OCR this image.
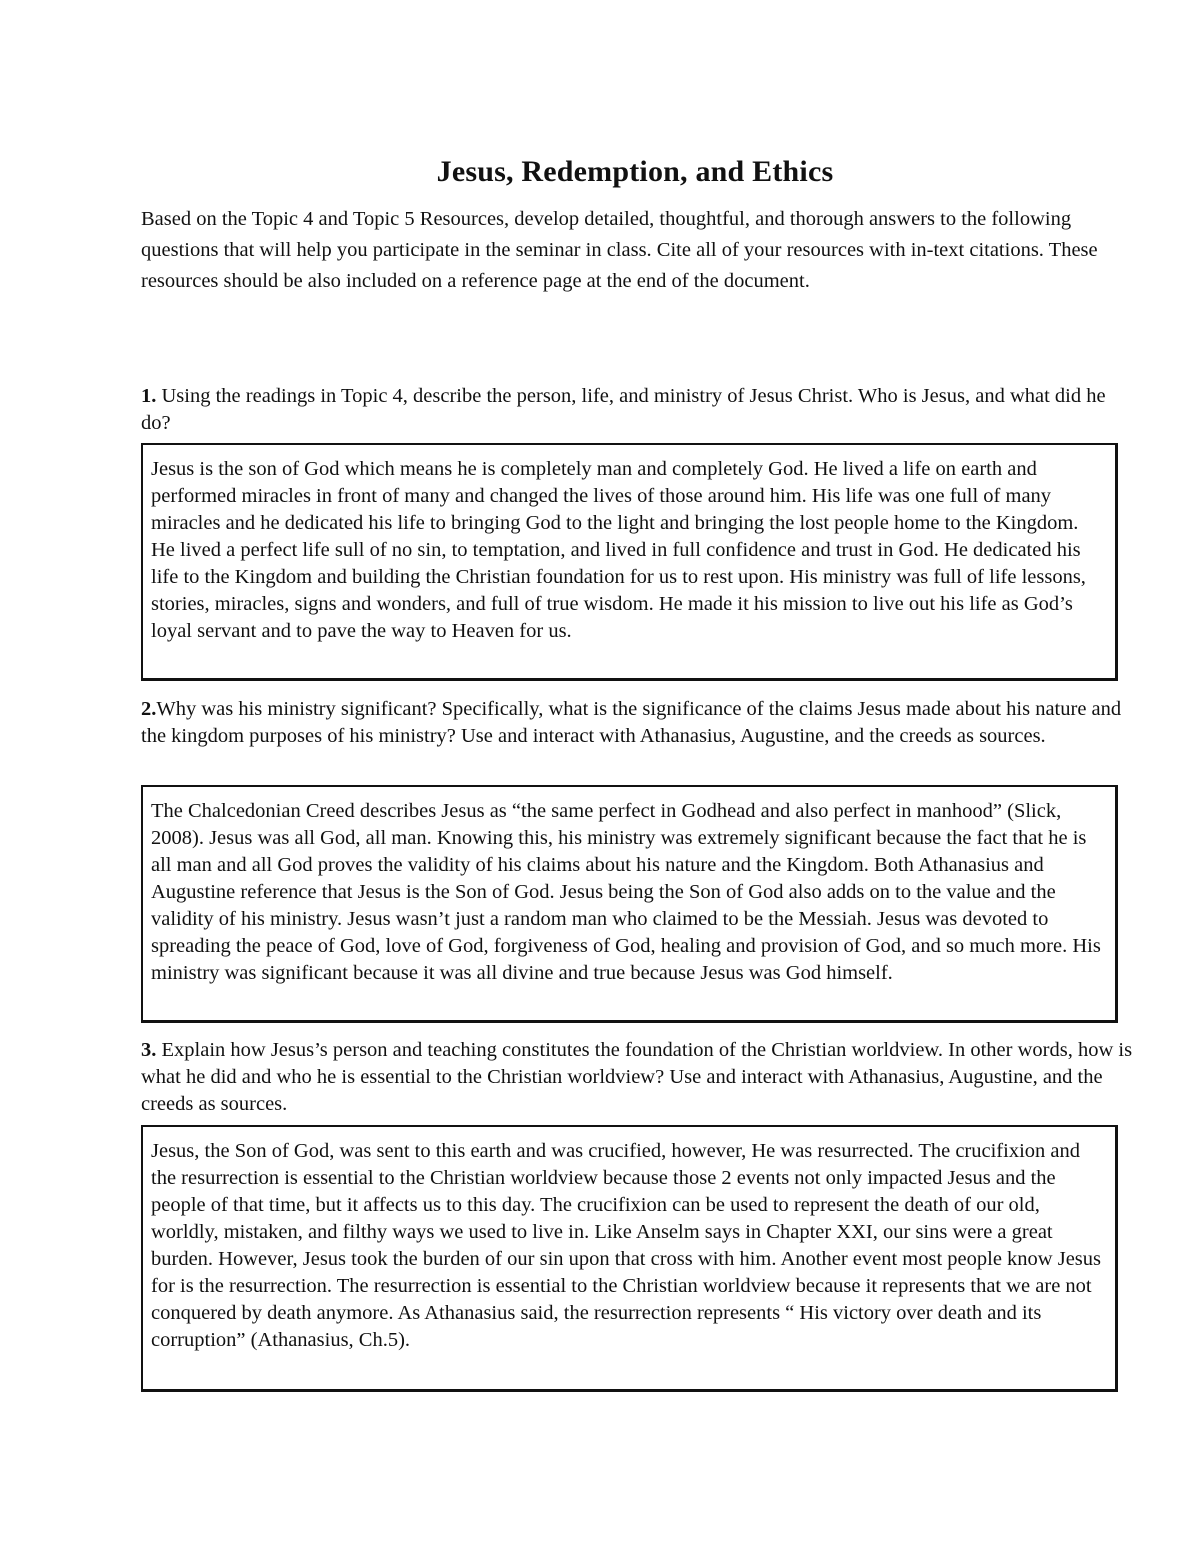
Jesus, Redemption, and Ethics
Based on the Topic 4 and Topic 5 Resources, develop detailed, thoughtful, and thorough answers to the following questions that will help you participate in the seminar in class. Cite all of your resources with in-text citations. These resources should be also included on a reference page at the end of the document.
1. Using the readings in Topic 4, describe the person, life, and ministry of Jesus Christ. Who is Jesus, and what did he do?
Jesus is the son of God which means he is completely man and completely God. He lived a life on earth and performed miracles in front of many and changed the lives of those around him. His life was one full of many miracles and he dedicated his life to bringing God to the light and bringing the lost people home to the Kingdom. He lived a perfect life sull of no sin, to temptation, and lived in full confidence and trust in God. He dedicated his life to the Kingdom and building the Christian foundation for us to rest upon. His ministry was full of life lessons, stories, miracles, signs and wonders, and full of true wisdom. He made it his mission to live out his life as God’s loyal servant and to pave the way to Heaven for us.
2.Why was his ministry significant? Specifically, what is the significance of the claims Jesus made about his nature and the kingdom purposes of his ministry? Use and interact with Athanasius, Augustine, and the creeds as sources.
The Chalcedonian Creed describes Jesus as “the same perfect in Godhead and also perfect in manhood” (Slick, 2008). Jesus was all God, all man. Knowing this, his ministry was extremely significant because the fact that he is all man and all God proves the validity of his claims about his nature and the Kingdom. Both Athanasius and Augustine reference that Jesus is the Son of God. Jesus being the Son of God also adds on to the value and the validity of his ministry. Jesus wasn’t just a random man who claimed to be the Messiah. Jesus was devoted to spreading the peace of God, love of God, forgiveness of God, healing and provision of God, and so much more. His ministry was significant because it was all divine and true because Jesus was God himself.
3. Explain how Jesus’s person and teaching constitutes the foundation of the Christian worldview. In other words, how is what he did and who he is essential to the Christian worldview? Use and interact with Athanasius, Augustine, and the creeds as sources.
Jesus, the Son of God, was sent to this earth and was crucified, however, He was resurrected. The crucifixion and the resurrection is essential to the Christian worldview because those 2 events not only impacted Jesus and the people of that time, but it affects us to this day. The crucifixion can be used to represent the death of our old, worldly, mistaken, and filthy ways we used to live in. Like Anselm says in Chapter XXI, our sins were a great burden. However, Jesus took the burden of our sin upon that cross with him. Another event most people know Jesus for is the resurrection. The resurrection is essential to the Christian worldview because it represents that we are not conquered by death anymore. As Athanasius said, the resurrection represents “ His victory over death and its corruption” (Athanasius, Ch.5).
